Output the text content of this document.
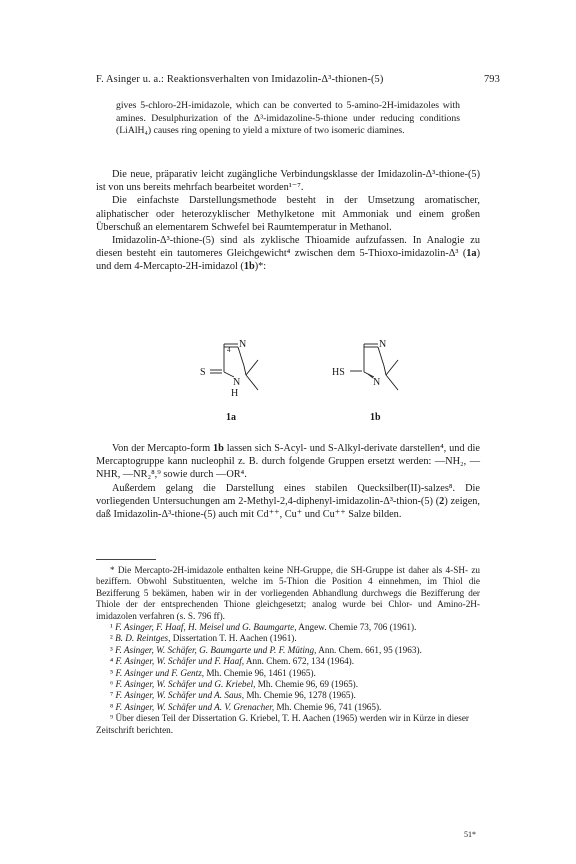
F. Asinger u. a.: Reaktionsverhalten von Imidazolin-Δ³-thionen-(5)	793
gives 5-chloro-2H-imidazole, which can be converted to 5-amino-2H-imidazoles with amines. Desulphurization of the Δ³-imidazoline-5-thione under reducing conditions (LiAlH₄) causes ring opening to yield a mixture of two isomeric diamines.

Die neue, präparativ leicht zugängliche Verbindungsklasse der Imidazolin-Δ³-thione-(5) ist von uns bereits mehrfach bearbeitet worden¹⁻⁷.

Die einfachste Darstellungsmethode besteht in der Umsetzung aromatischer, aliphatischer oder heterozyklischer Methylketone mit Ammoniak und einem großen Überschuß an elementarem Schwefel bei Raumtemperatur in Methanol.

Imidazolin-Δ³-thione-(5) sind als zyklische Thioamide aufzufassen. In Analogie zu diesen besteht ein tautomeres Gleichgewicht⁴ zwischen dem 5-Thioxo-imidazolin-Δ³ (1a) und dem 4-Mercapto-2H-imidazol (1b)*:

4 N
S
N
H
N
HS
N
1a	1b

Von der Mercapto-form 1b lassen sich S-Acyl- und S-Alkyl-derivate darstellen⁴, und die Mercaptogruppe kann nucleophil z. B. durch folgende Gruppen ersetzt werden: —NH₂, —NHR, —NR₂⁸,⁹ sowie durch —OR⁴.

Außerdem gelang die Darstellung eines stabilen Quecksilber(II)-salzes⁸. Die vorliegenden Untersuchungen am 2-Methyl-2,4-diphenyl-imidazolin-Δ³-thion-(5) (2) zeigen, daß Imidazolin-Δ³-thione-(5) auch mit Cd⁺⁺, Cu⁺ und Cu⁺⁺ Salze bilden.

* Die Mercapto-2H-imidazole enthalten keine NH-Gruppe, die SH-Gruppe ist daher als 4-SH- zu beziffern. Obwohl Substituenten, welche im 5-Thion die Position 4 einnehmen, im Thiol die Bezifferung 5 bekämen, haben wir in der vorliegenden Abhandlung durchwegs die Bezifferung der Thiole der der entsprechenden Thione gleichgesetzt; analog wurde bei Chlor- und Amino-2H-imidazolen verfahren (s. S. 796 ff).

¹ F. Asinger, F. Haaf, H. Meisel und G. Baumgarte, Angew. Chemie 73, 706 (1961).

² B. D. Reintges, Dissertation T. H. Aachen (1961).

³ F. Asinger, W. Schäfer, G. Baumgarte und P. F. Müting, Ann. Chem. 661, 95 (1963).

⁴ F. Asinger, W. Schäfer und F. Haaf, Ann. Chem. 672, 134 (1964).

⁵ F. Asinger und F. Gentz, Mh. Chemie 96, 1461 (1965).

⁶ F. Asinger, W. Schäfer und G. Kriebel, Mh. Chemie 96, 69 (1965).

⁷ F. Asinger, W. Schäfer und A. Saus, Mh. Chemie 96, 1278 (1965).

⁸ F. Asinger, W. Schäfer und A. V. Grenacher, Mh. Chemie 96, 741 (1965).

⁹ Über diesen Teil der Dissertation G. Kriebel, T. H. Aachen (1965) werden wir in Kürze in dieser Zeitschrift berichten.

51*
